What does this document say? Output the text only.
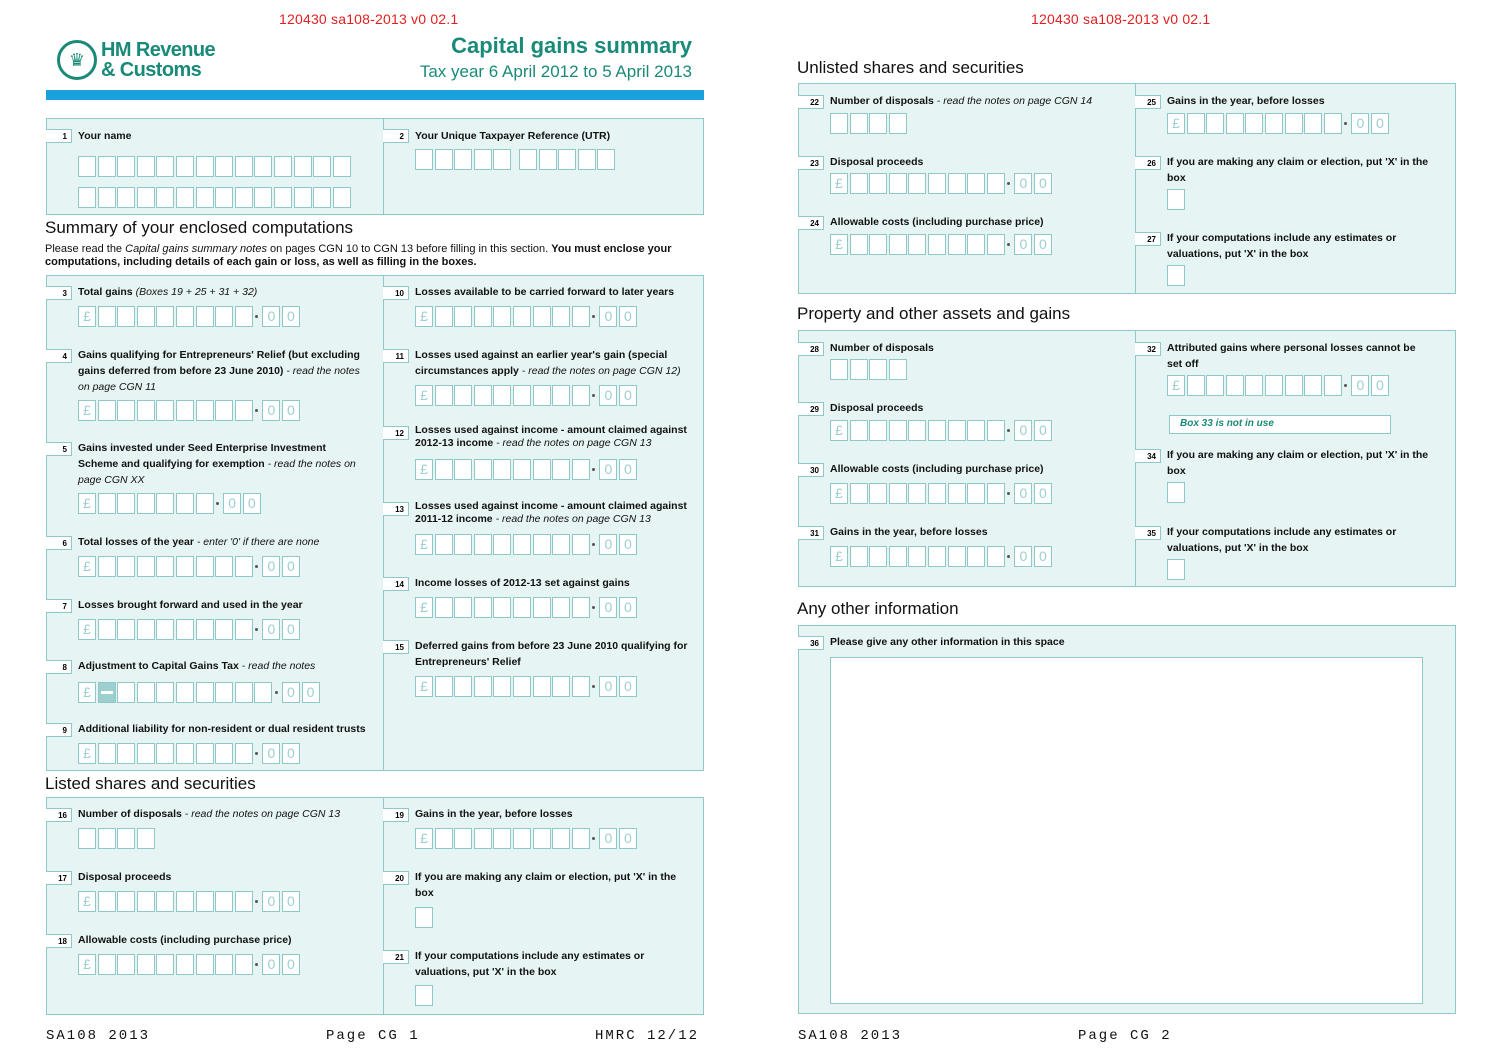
120430 sa108-2013 v0 02.1
♛ HM Revenue
& Customs
Capital gains summary
Tax year 6 April 2012 to 5 April 2013
1	Your name	2	Your Unique Taxpayer Reference (UTR)
Summary of your enclosed computations
Please read the Capital gains summary notes on pages CGN 10 to CGN 13 before filling in this section. You must enclose your computations, including details of each gain or loss, as well as filling in the boxes.
3	Total gains (Boxes 19 + 25 + 31 + 32)
£	0 0
4	Gains qualifying for Entrepreneurs' Relief (but excluding gains deferred from before 23 June 2010) - read the notes on page CGN 11
£	0 0
5	Gains invested under Seed Enterprise Investment Scheme and qualifying for exemption - read the notes on page CGN XX
£	0 0
6	Total losses of the year - enter '0' if there are none
£	0 0
7	Losses brought forward and used in the year
£	0 0
8	Adjustment to Capital Gains Tax - read the notes
£	0 0
9	Additional liability for non-resident or dual resident trusts
£	0 0
10	Losses available to be carried forward to later years
£	0 0
11	Losses used against an earlier year's gain (special circumstances apply - read the notes on page CGN 12)
£	0 0
12	Losses used against income - amount claimed against 2012-13 income - read the notes on page CGN 13
£	0 0
13	Losses used against income - amount claimed against 2011-12 income - read the notes on page CGN 13
£	0 0
14	Income losses of 2012-13 set against gains
£	0 0
15	Deferred gains from before 23 June 2010 qualifying for Entrepreneurs' Relief
£	0 0
Listed shares and securities
16	Number of disposals - read the notes on page CGN 13
17	Disposal proceeds
£	0 0
18	Allowable costs (including purchase price)
£	0 0
19	Gains in the year, before losses
£	0 0
20	If you are making any claim or election, put 'X' in the box
21	If your computations include any estimates or valuations, put 'X' in the box
SA108 2013	Page CG 1	HMRC 12/12
120430 sa108-2013 v0 02.1
Unlisted shares and securities
22	Number of disposals - read the notes on page CGN 14
23	Disposal proceeds
£	0 0
24	Allowable costs (including purchase price)
£	0 0
25	Gains in the year, before losses
£	0 0
26	If you are making any claim or election, put 'X' in the box
27	If your computations include any estimates or valuations, put 'X' in the box
Property and other assets and gains
28	Number of disposals
29	Disposal proceeds
£	0 0
30	Allowable costs (including purchase price)
£	0 0
31	Gains in the year, before losses
£	0 0
32	Attributed gains where personal losses cannot be set off
£	0 0
Box 33 is not in use
34	If you are making any claim or election, put 'X' in the box
35	If your computations include any estimates or valuations, put 'X' in the box
Any other information
36	Please give any other information in this space
SA108 2013	Page CG 2
